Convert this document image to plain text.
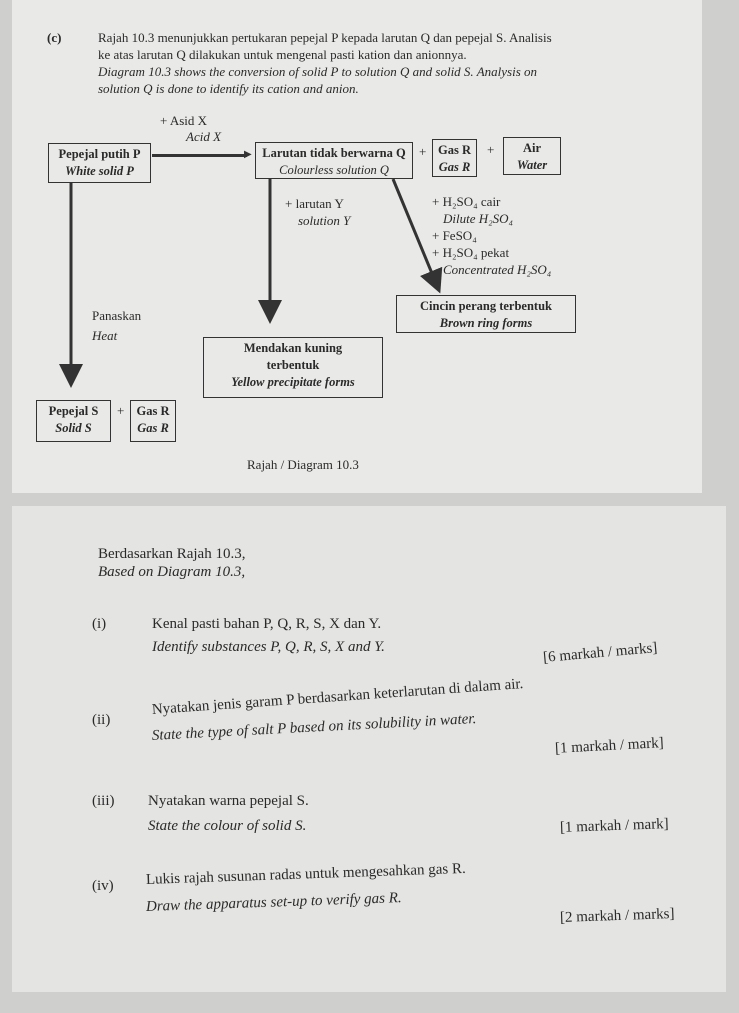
(c)	Rajah 10.3 menunjukkan pertukaran pepejal P kepada larutan Q dan pepejal S. Analisis
ke atas larutan Q dilakukan untuk mengenal pasti kation dan anionnya.
Diagram 10.3 shows the conversion of solid P to solution Q and solid S. Analysis on
solution Q is done to identify its cation and anion.
+ Asid X
Acid X
Pepejal putih P
White solid P
▶ Larutan tidak berwarna Q
Colourless solution Q
+ Gas R
Gas R
+	Air
Water
+ larutan Y
solution Y
+ H₂SO₄ cair
Dilute H₂SO₄
+ FeSO₄
+ H₂SO₄ pekat
Concentrated H₂SO₄
Panaskan
Heat
Cincin perang terbentuk
Brown ring forms
Mendakan kuning
terbentuk
Yellow precipitate forms
Pepejal S
Solid S
+ Gas R
Gas R
Rajah / Diagram 10.3
Berdasarkan Rajah 10.3,
Based on Diagram 10.3,
(i)	Kenal pasti bahan P, Q, R, S, X dan Y.
Identify substances P, Q, R, S, X and Y.	[6 markah / marks]
(ii)
Nyatakan jenis garam P berdasarkan keterlarutan di dalam air.
State the type of salt P based on its solubility in water.
[1 markah / mark]
(iii) Nyatakan warna pepejal S.
State the colour of solid S.	[1 markah / mark]
(iv) Lukis rajah susunan radas untuk mengesahkan gas R.
Draw the apparatus set-up to verify gas R.
[2 markah / marks]
